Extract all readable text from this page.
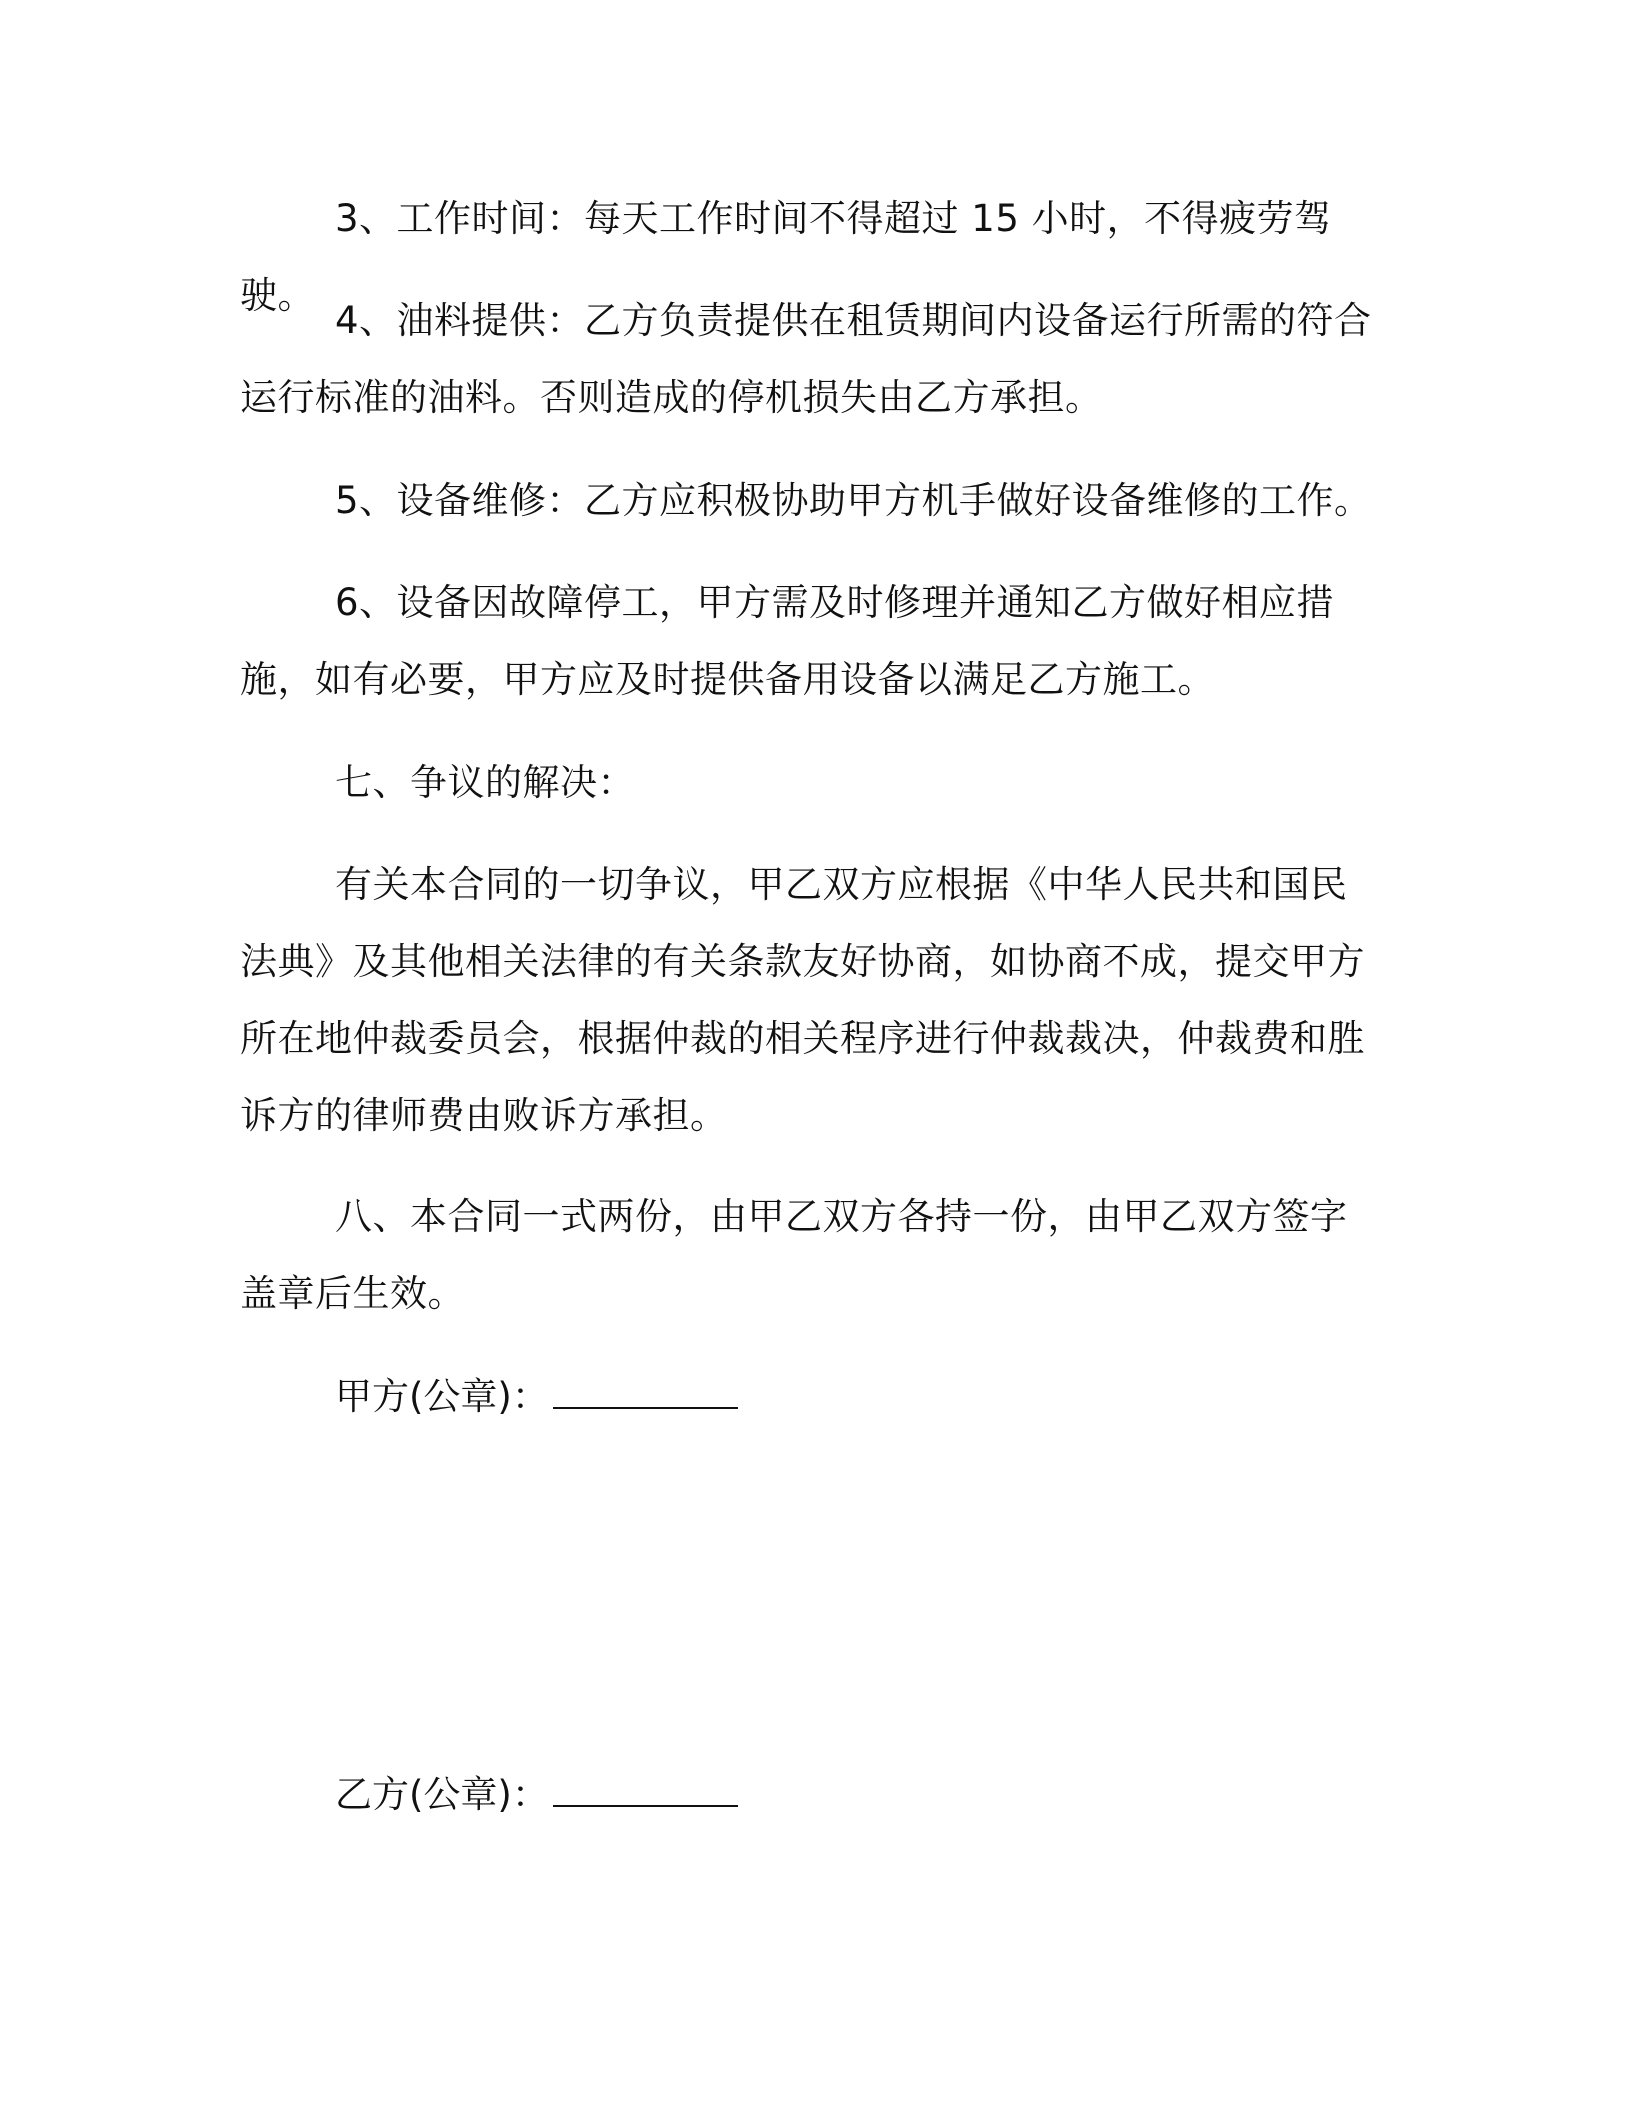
3、工作时间：每天工作时间不得超过 15 小时，不得疲劳驾驶。

4、油料提供：乙方负责提供在租赁期间内设备运行所需的符合运行标准的油料。否则造成的停机损失由乙方承担。

5、设备维修：乙方应积极协助甲方机手做好设备维修的工作。

6、设备因故障停工，甲方需及时修理并通知乙方做好相应措施，如有必要，甲方应及时提供备用设备以满足乙方施工。

七、争议的解决：

有关本合同的一切争议，甲乙双方应根据《中华人民共和国民法典》及其他相关法律的有关条款友好协商，如协商不成，提交甲方所在地仲裁委员会，根据仲裁的相关程序进行仲裁裁决，仲裁费和胜诉方的律师费由败诉方承担。

八、本合同一式两份，由甲乙双方各持一份，由甲乙双方签字盖章后生效。

甲方(公章)：

乙方(公章)：
